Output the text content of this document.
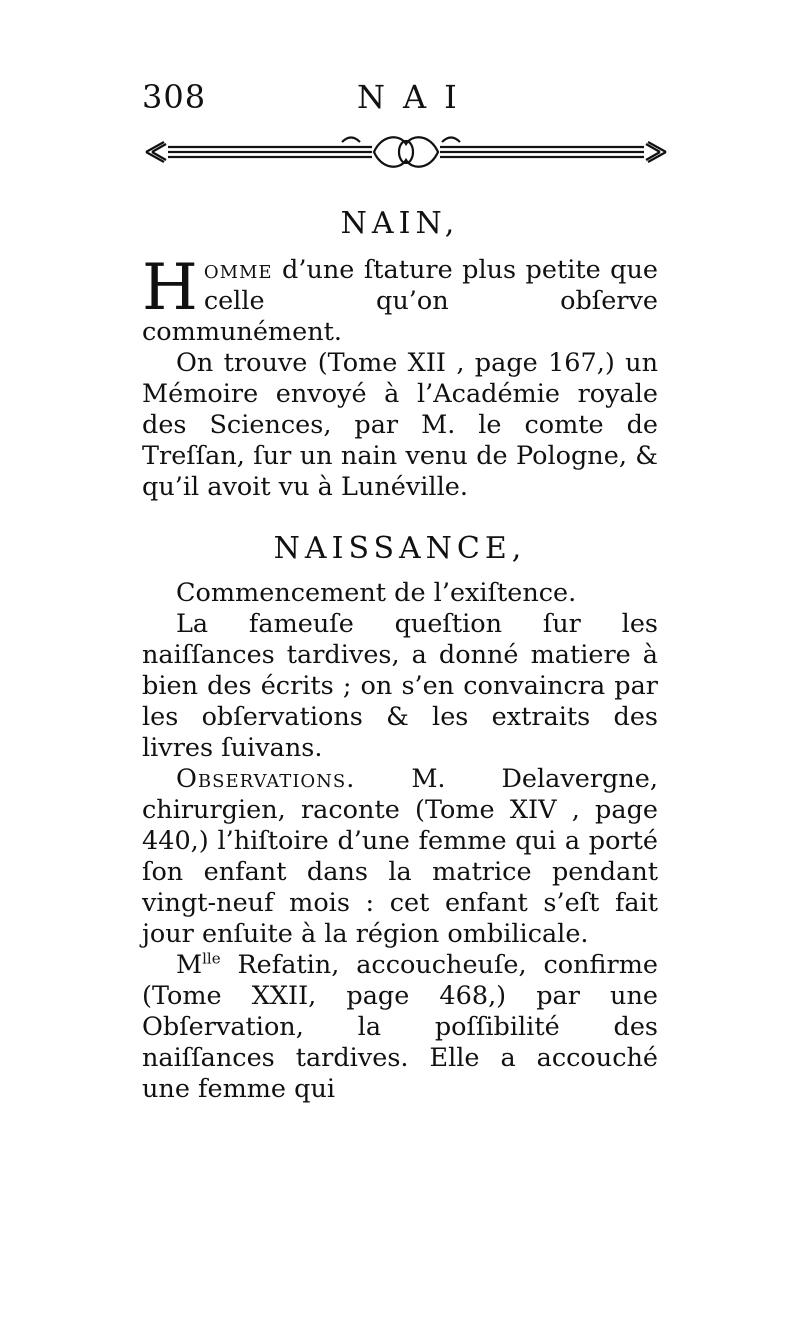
308	NAI
NAIN,

Homme d’une ſtature plus petite que celle qu’on obſerve communément.

On trouve (Tome XII , page 167,) un Mémoire envoyé à l’Académie royale des Sciences, par M. le comte de Treſſan, ſur un nain venu de Pologne, & qu’il avoit vu à Lunéville.

NAISSANCE,

Commencement de l’exiſtence.

La fameuſe queſtion ſur les naiſſances tardives, a donné matiere à bien des écrits ; on s’en convaincra par les obſervations & les extraits des livres ſuivans.

Observations. M. Delavergne, chirurgien, raconte (Tome XIV , page 440,) l’hiſtoire d’une femme qui a porté ſon enfant dans la matrice pendant vingt-neuf mois : cet enfant s’eſt fait jour enſuite à la région ombilicale.

$M^{lle}$ Refatin, accoucheuſe, confirme (Tome XXII, page 468,) par une Obſervation, la poſſibilité des naiſſances tardives. Elle a accouché une femme qui
